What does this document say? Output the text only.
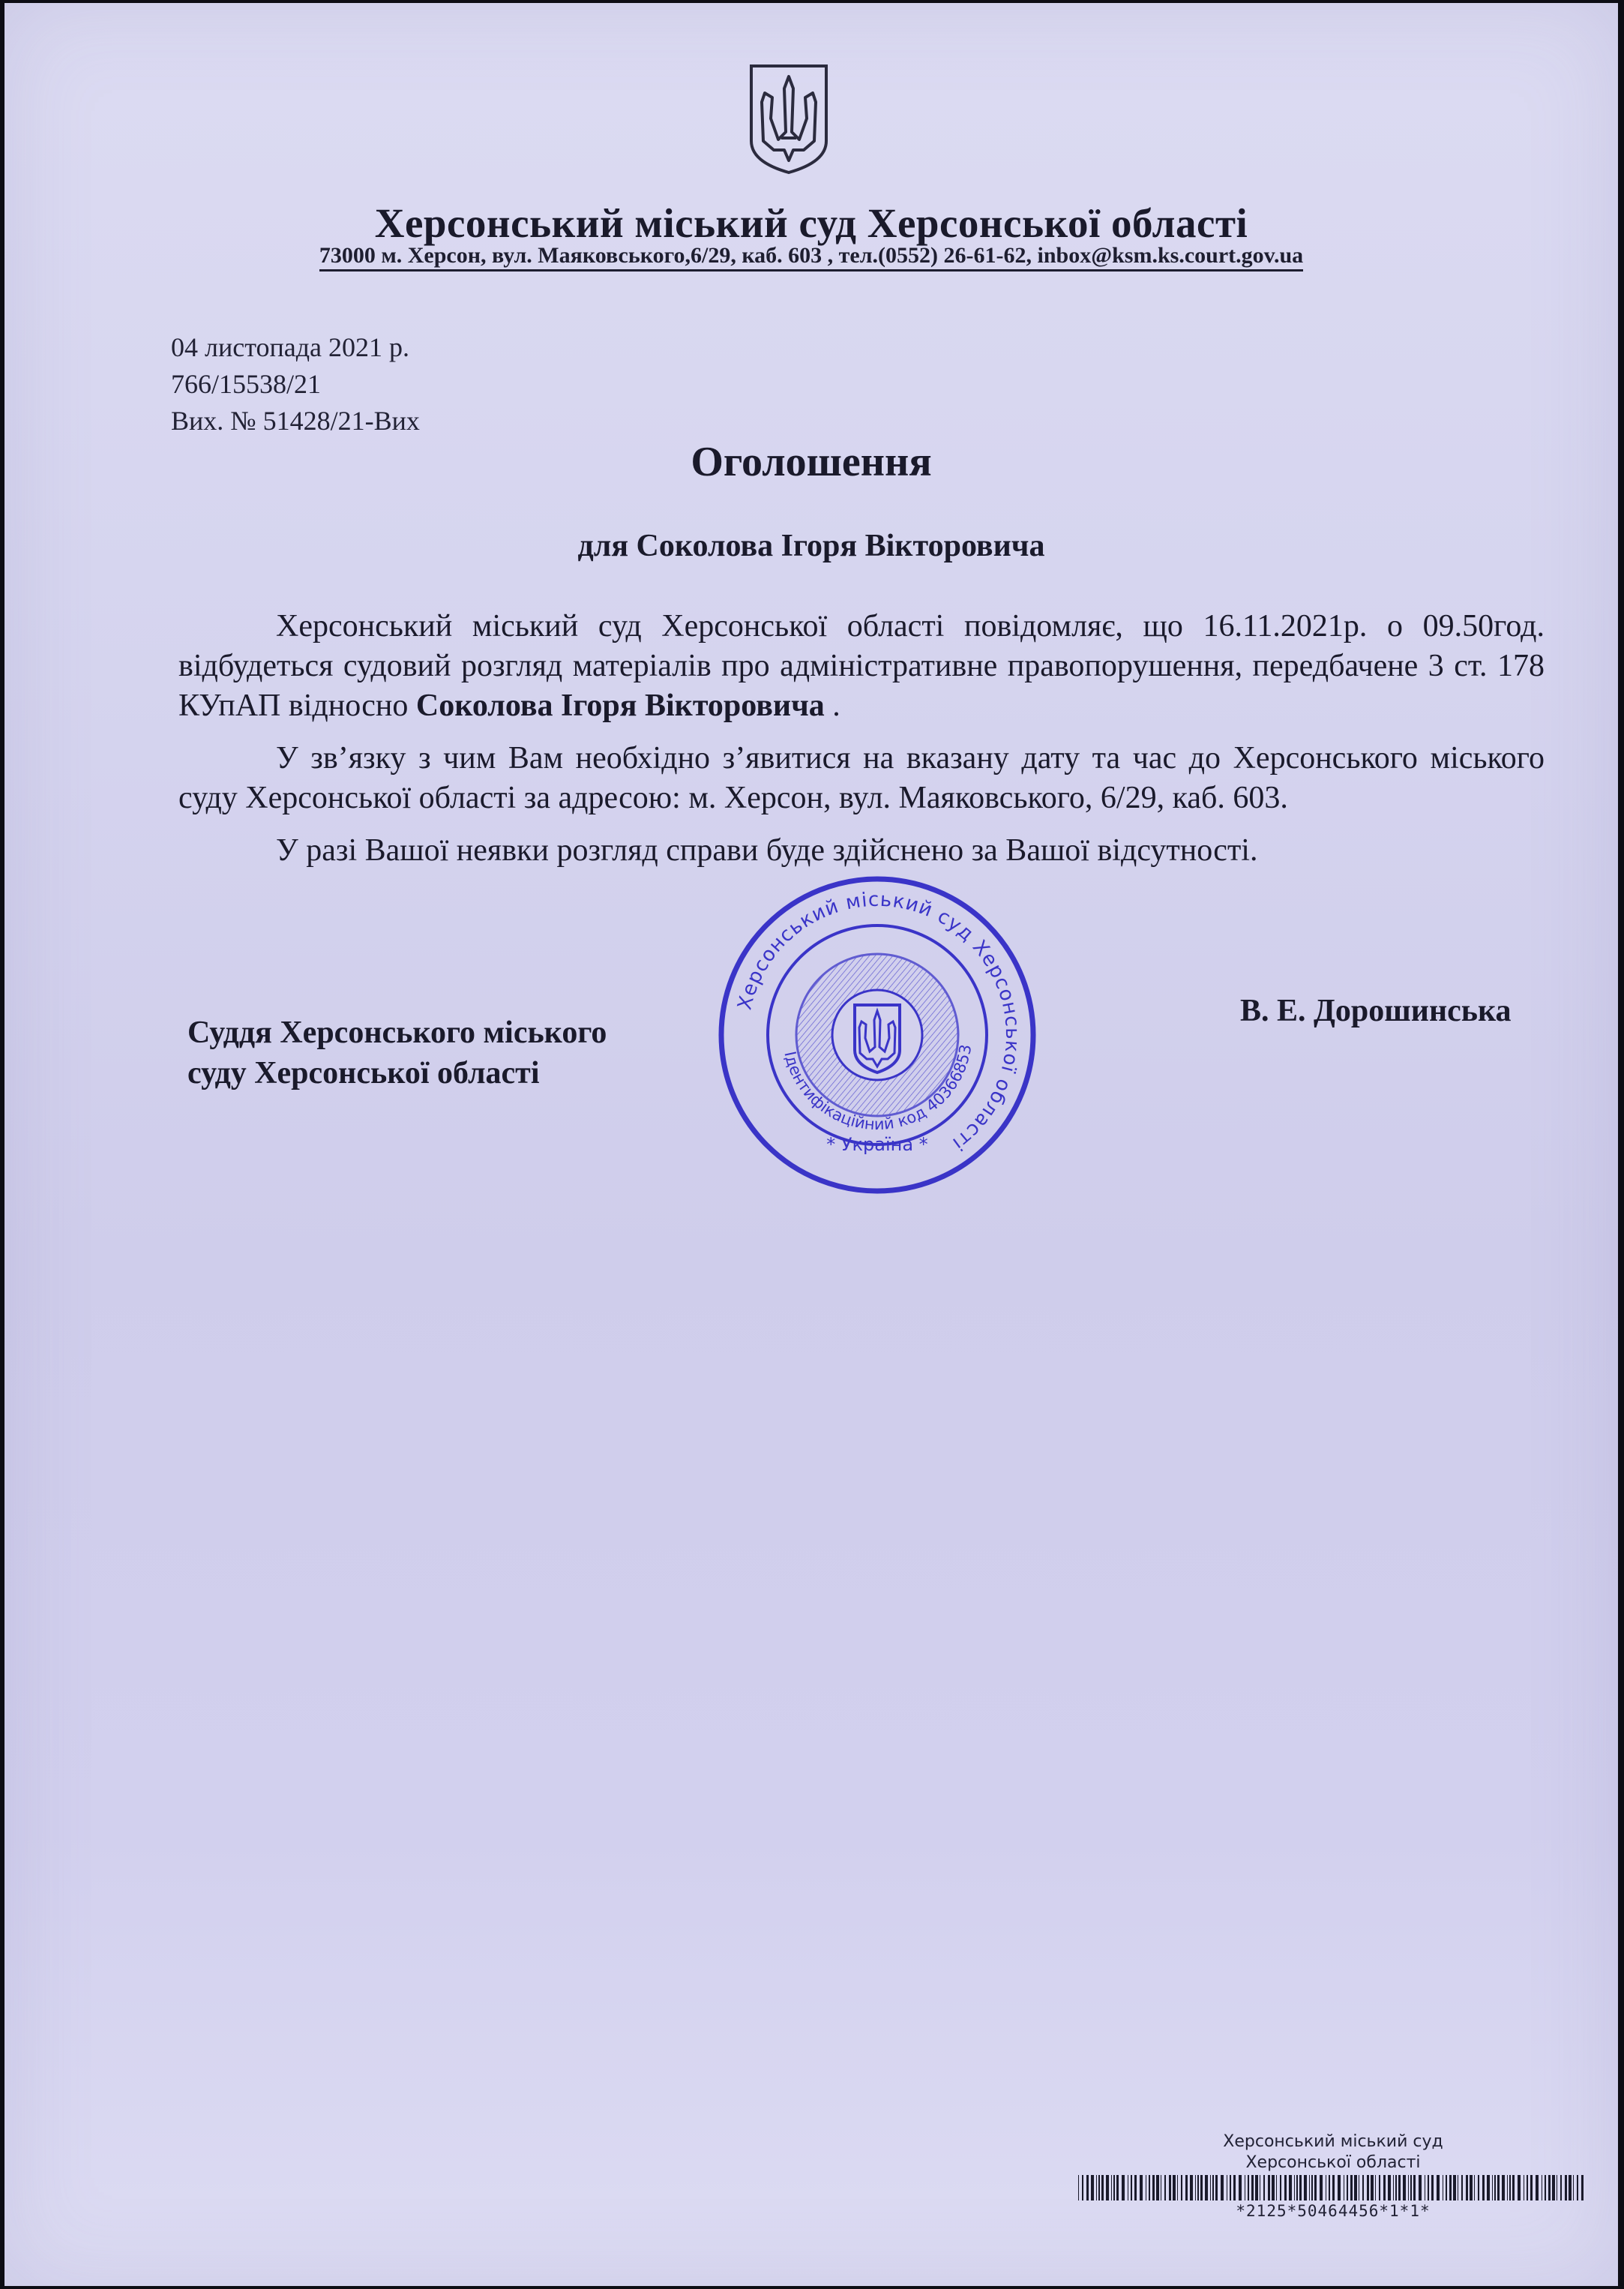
Херсонський міський суд Херсонської області
73000 м. Херсон, вул. Маяковського,6/29, каб. 603 , тел.(0552) 26-61-62, inbox@ksm.ks.court.gov.ua
04 листопада 2021 р.
766/15538/21
Вих. № 51428/21-Вих
Оголошення
для Соколова Ігоря Вікторовича

Херсонський міський суд Херсонської області повідомляє, що 16.11.2021р. о 09.50год. відбудеться судовий розгляд матеріалів про адміністративне правопорушення, передбачене 3 ст. 178 КУпАП відносно Соколова Ігоря Вікторовича .

У зв’язку з чим Вам необхідно з’явитися на вказану дату та час до Херсонського міського суду Херсонської області за адресою: м. Херсон, вул. Маяковського, 6/29, каб. 603.

У разі Вашої неявки розгляд справи буде здійснено за Вашої відсутності.

Суддя Херсонського міського
суду Херсонської області
В. Е. Дорошинська
Херсонський міський суд Херсонської області
Ідентифікаційний код 40366853
* Україна *
Херсонський міський суд
Херсонської області
*2125*50464456*1*1*
